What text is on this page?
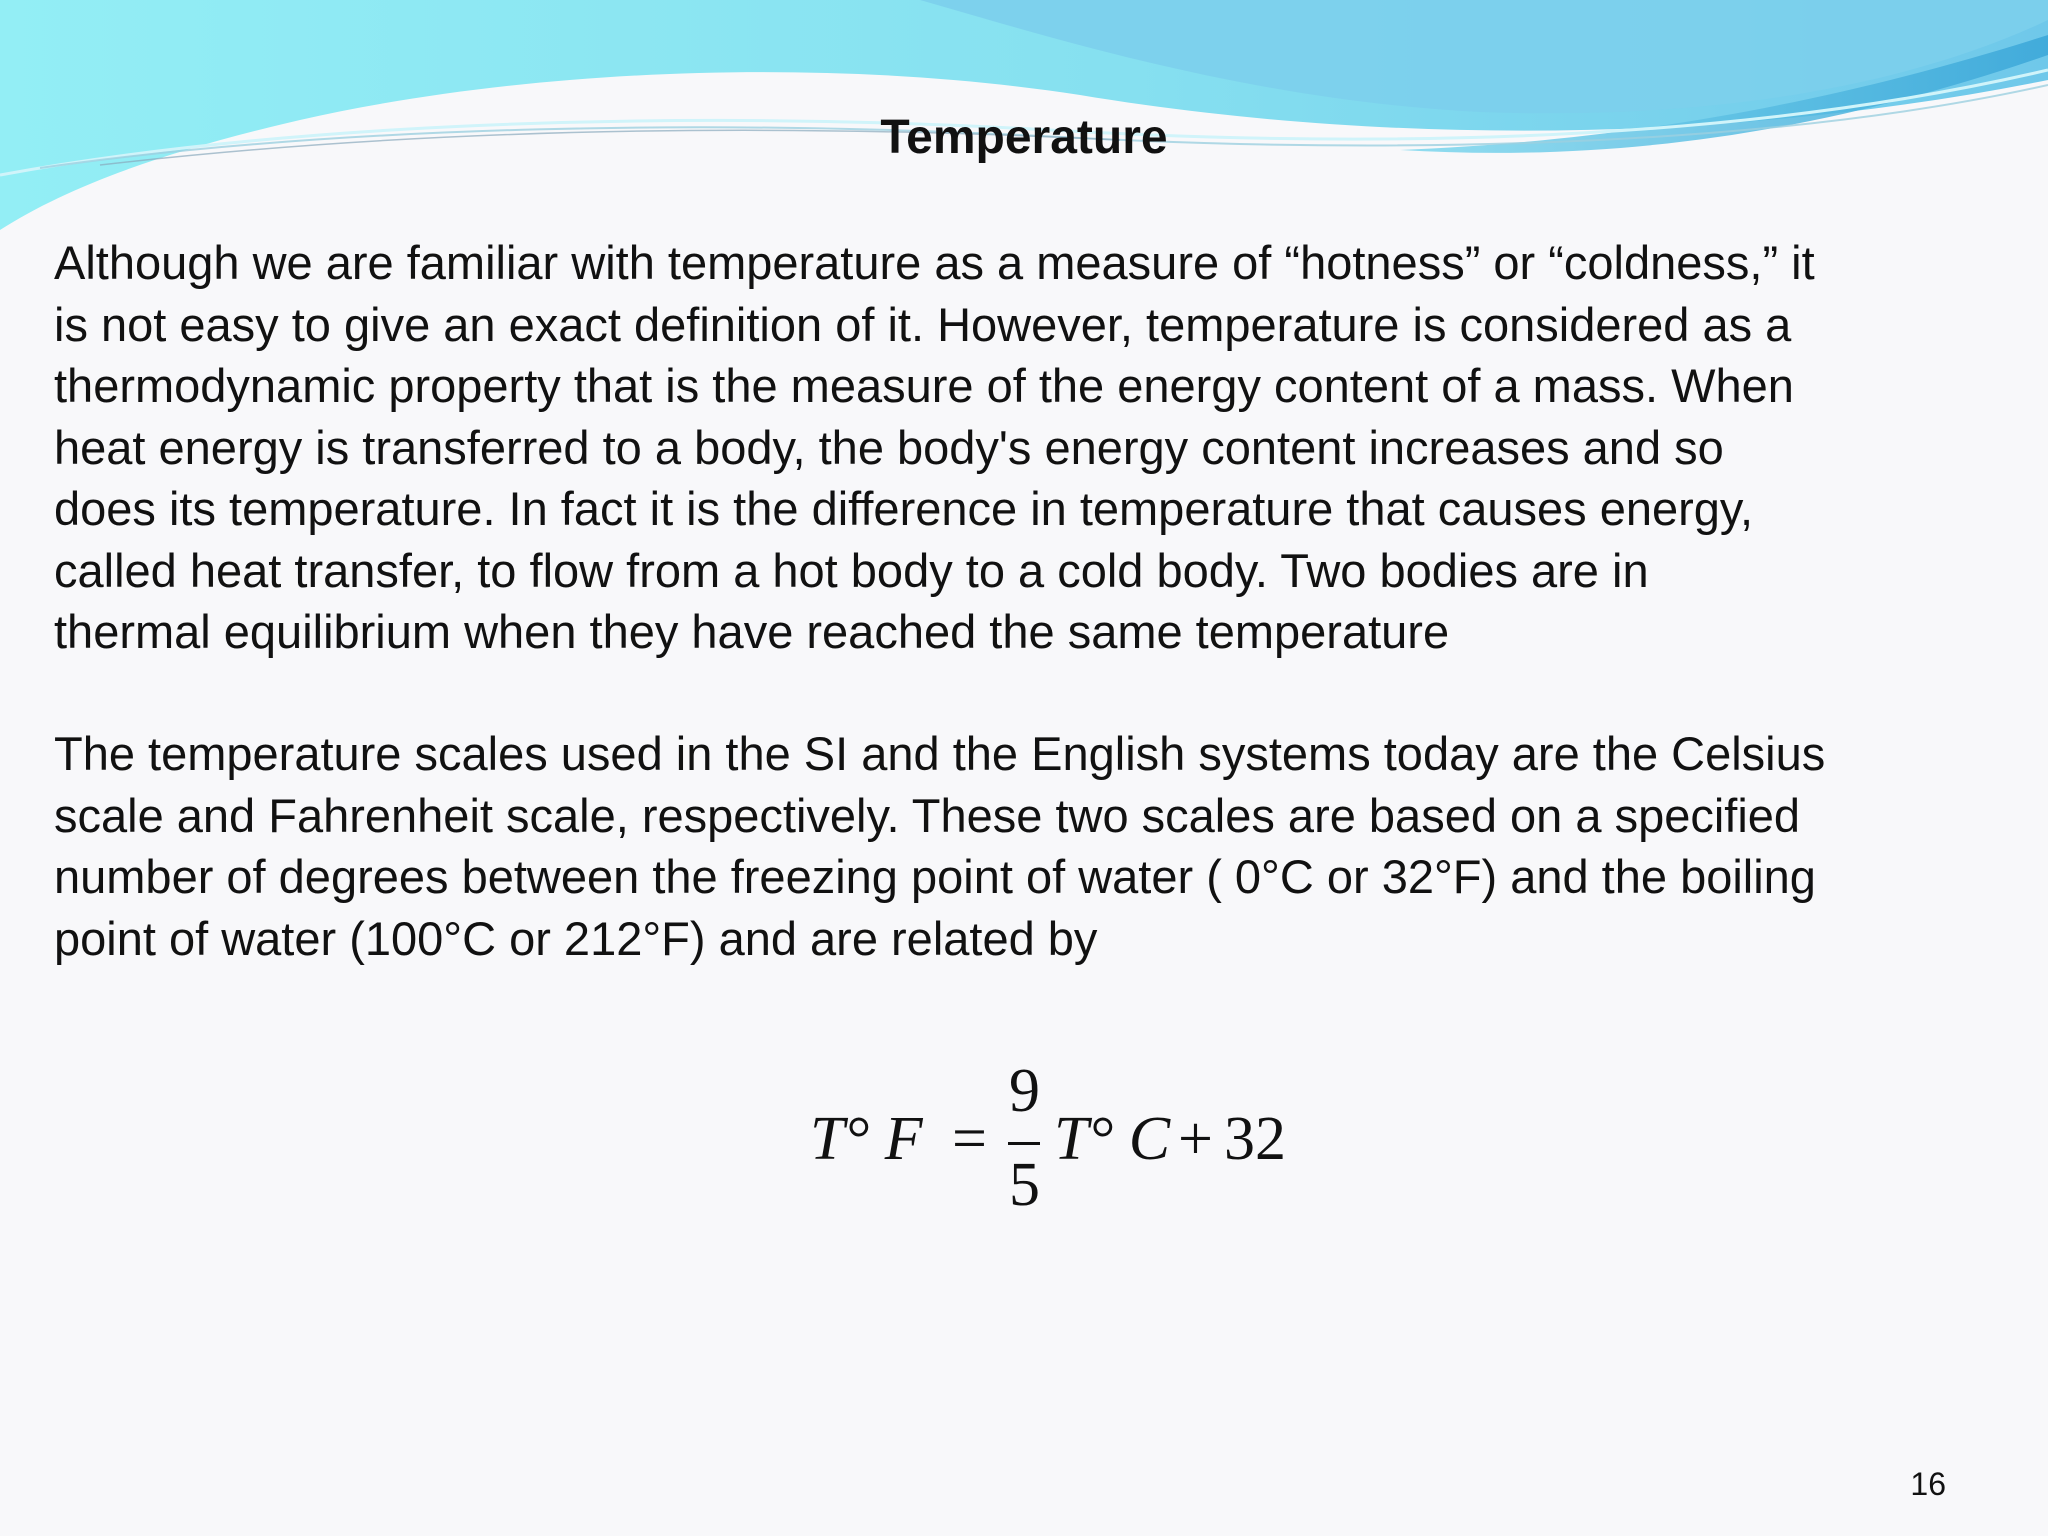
Temperature

Although we are familiar with temperature as a measure of “hotness” or “coldness,” it
is not easy to give an exact definition of it. However, temperature is considered as a
thermodynamic property that is the measure of the energy content of a mass. When
heat energy is transferred to a body, the body's energy content increases and so
does its temperature. In fact it is the difference in temperature that causes energy,
called heat transfer, to flow from a hot body to a cold body. Two bodies are in
thermal equilibrium when they have reached the same temperature

The temperature scales used in the SI and the English systems today are the Celsius
scale and Fahrenheit scale, respectively. These two scales are based on a specified
number of degrees between the freezing point of water ( 0°C or 32°F) and the boiling
point of water (100°C or 212°F) and are related by

T° F =
9
5
T° C + 32
16
